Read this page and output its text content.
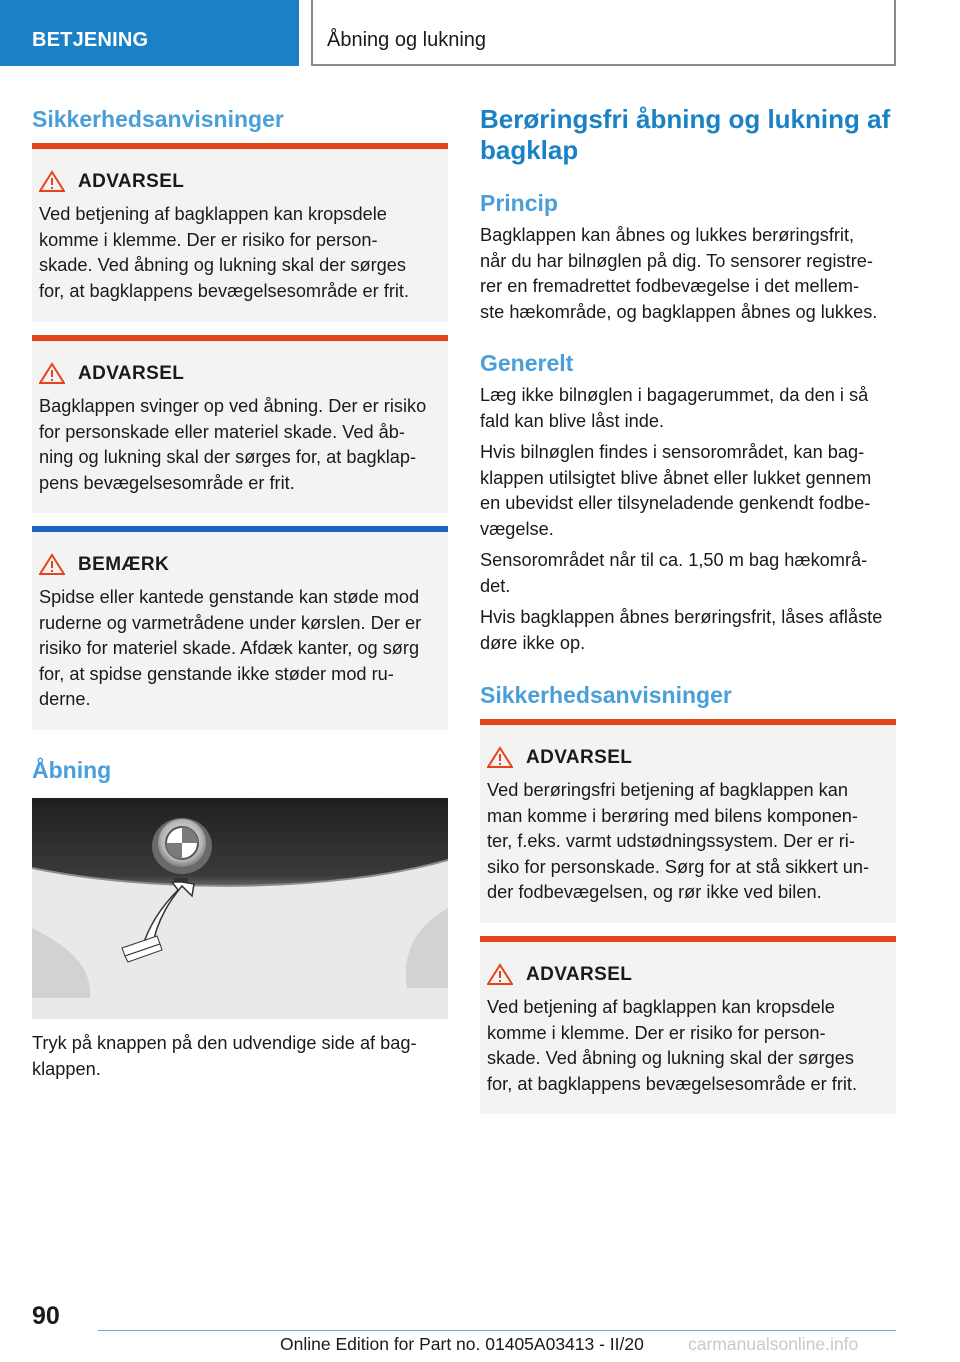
BETJENING	Åbning og lukning
Sikkerhedsanvisninger
ADVARSEL
Ved betjening af bagklappen kan kropsdele
komme i klemme. Der er risiko for person‐
skade. Ved åbning og lukning skal der sørges
for, at bagklappens bevægelsesområde er frit.
ADVARSEL
Bagklappen svinger op ved åbning. Der er risiko
for personskade eller materiel skade. Ved åb‐
ning og lukning skal der sørges for, at bagklap‐
pens bevægelsesområde er frit.
BEMÆRK
Spidse eller kantede genstande kan støde mod
ruderne og varmetrådene under kørslen. Der er
risiko for materiel skade. Afdæk kanter, og sørg
for, at spidse genstande ikke støder mod ru‐
derne.
Åbning
Tryk på knappen på den udvendige side af bag‐
klappen.
Berøringsfri åbning og lukning af
bagklap
Princip
Bagklappen kan åbnes og lukkes berøringsfrit,
når du har bilnøglen på dig. To sensorer registre‐
rer en fremadrettet fodbevægelse i det mellem‐
ste hækområde, og bagklappen åbnes og lukkes.
Generelt
Læg ikke bilnøglen i bagagerummet, da den i så
fald kan blive låst inde.
Hvis bilnøglen findes i sensorområdet, kan bag‐
klappen utilsigtet blive åbnet eller lukket gennem
en ubevidst eller tilsyneladende genkendt fodbe‐
vægelse.
Sensorområdet når til ca. 1,50 m bag hækområ‐
det.
Hvis bagklappen åbnes berøringsfrit, låses aflåste
døre ikke op.
Sikkerhedsanvisninger
ADVARSEL
Ved berøringsfri betjening af bagklappen kan
man komme i berøring med bilens komponen‐
ter, f.eks. varmt udstødningssystem. Der er ri‐
siko for personskade. Sørg for at stå sikkert un‐
der fodbevægelsen, og rør ikke ved bilen.
ADVARSEL
Ved betjening af bagklappen kan kropsdele
komme i klemme. Der er risiko for person‐
skade. Ved åbning og lukning skal der sørges
for, at bagklappens bevægelsesområde er frit.
90
Online Edition for Part no. 01405A03413 - II/20	carmanualsonline.info
